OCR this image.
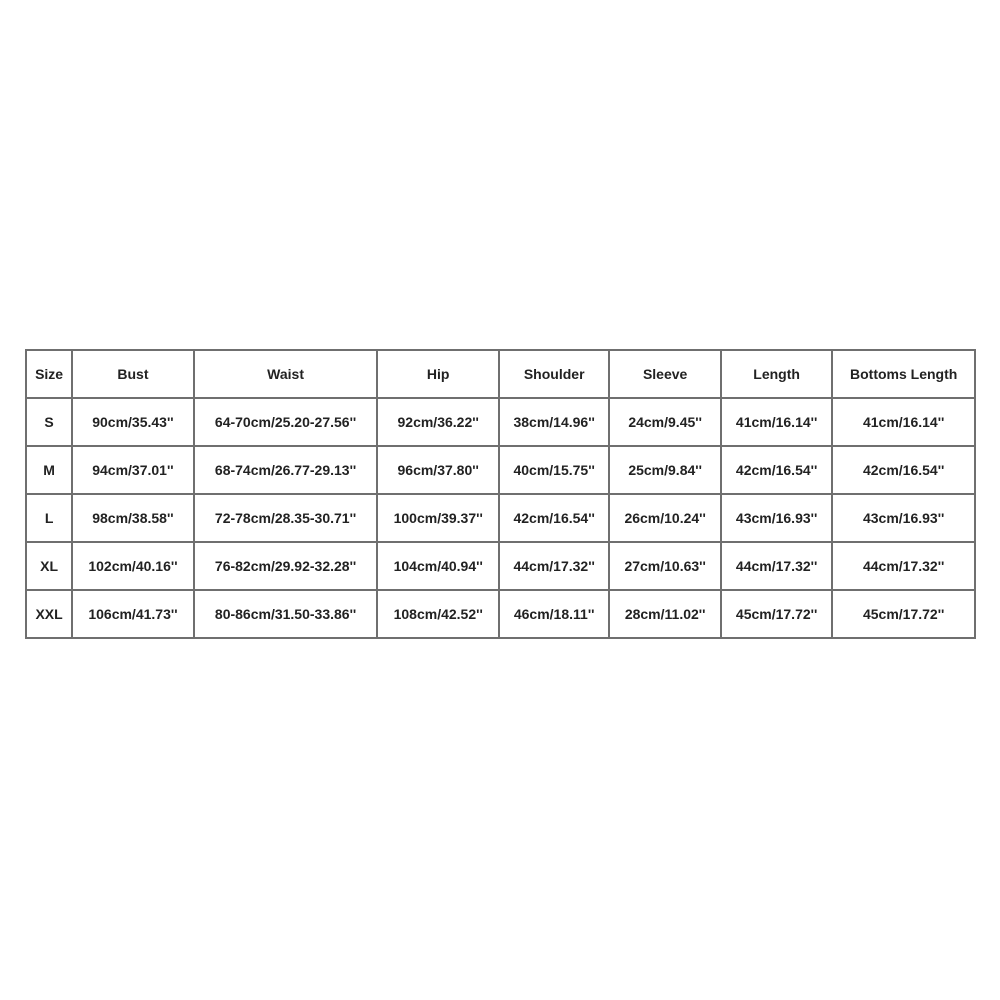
Size	Bust	Waist	Hip	Shoulder	Sleeve	Length	Bottoms Length
S	90cm/35.43''	64-70cm/25.20-27.56''	92cm/36.22''	38cm/14.96''	24cm/9.45''	41cm/16.14''	41cm/16.14''
M	94cm/37.01''	68-74cm/26.77-29.13''	96cm/37.80''	40cm/15.75''	25cm/9.84''	42cm/16.54''	42cm/16.54''
L	98cm/38.58''	72-78cm/28.35-30.71''	100cm/39.37''	42cm/16.54''	26cm/10.24''	43cm/16.93''	43cm/16.93''
XL	102cm/40.16''	76-82cm/29.92-32.28''	104cm/40.94''	44cm/17.32''	27cm/10.63''	44cm/17.32''	44cm/17.32''
XXL	106cm/41.73''	80-86cm/31.50-33.86''	108cm/42.52''	46cm/18.11''	28cm/11.02''	45cm/17.72''	45cm/17.72''
